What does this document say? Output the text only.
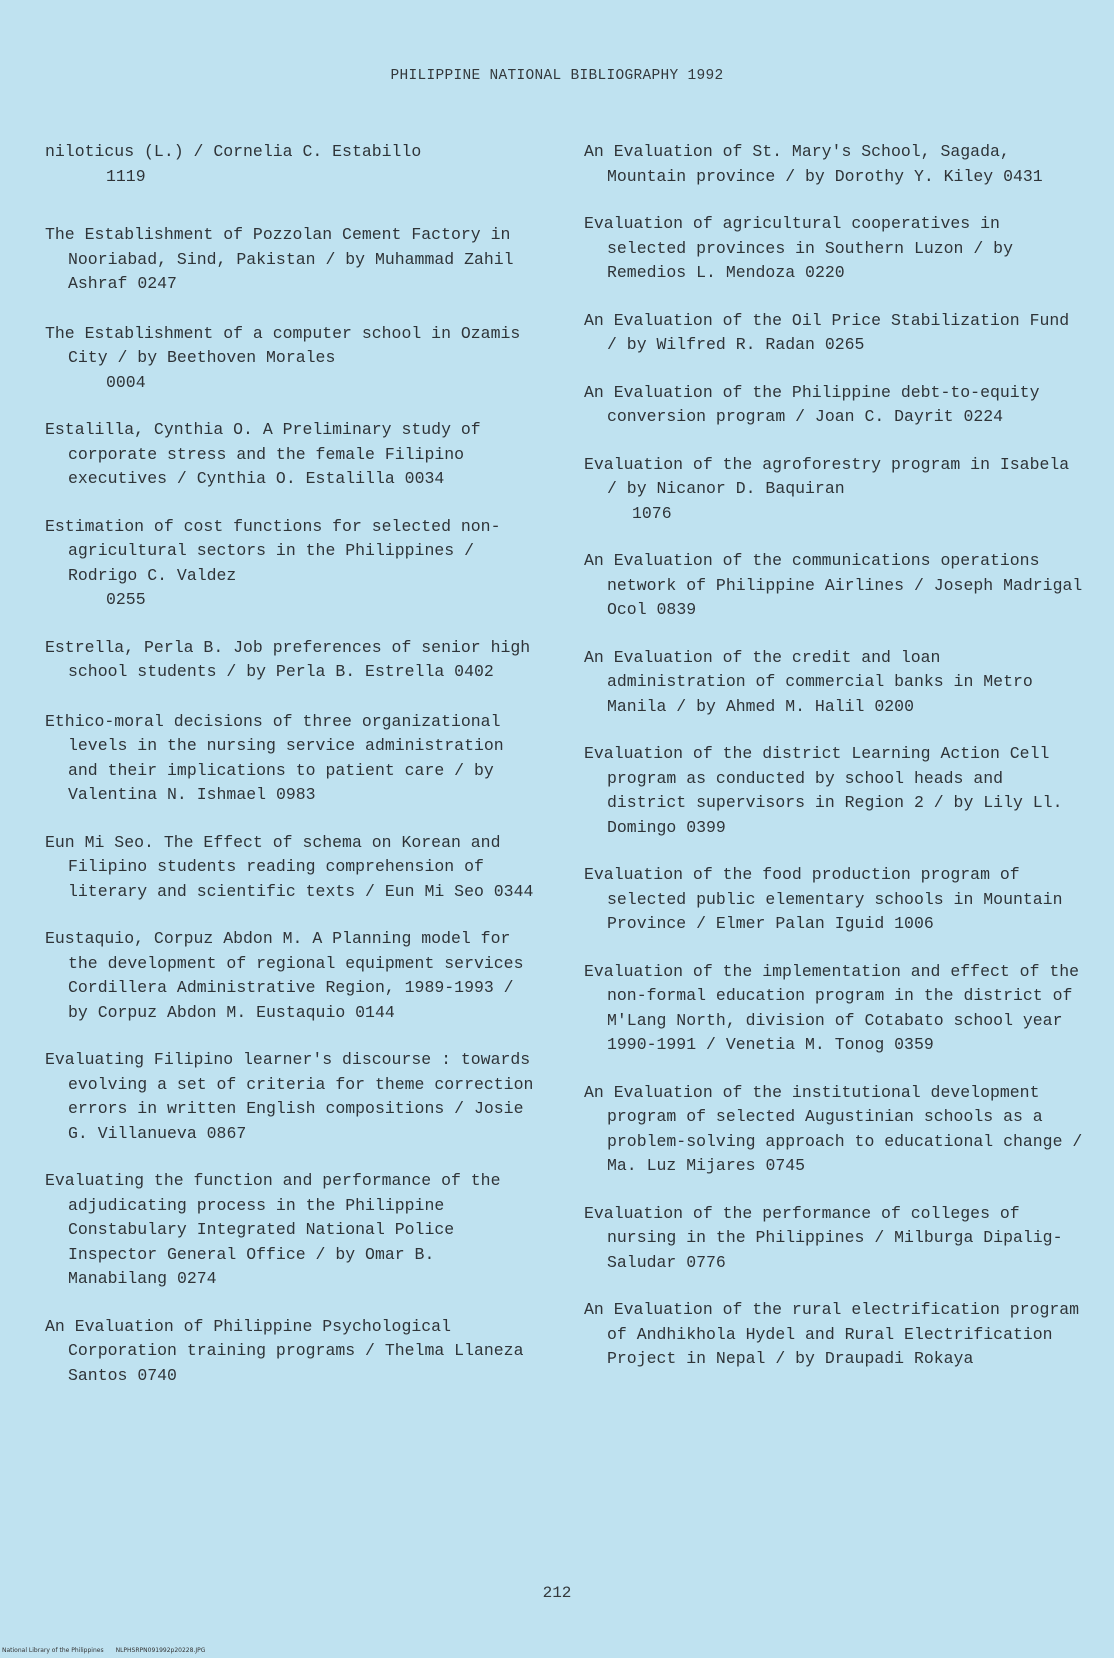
PHILIPPINE NATIONAL BIBLIOGRAPHY 1992
niloticus (L.) / Cornelia C. Estabillo
1119
The Establishment of Pozzolan Cement Factory in Nooriabad, Sind, Pakistan / by Muhammad Zahil Ashraf 0247
The Establishment of a computer school in Ozamis City / by Beethoven Morales
0004
Estalilla, Cynthia O. A Preliminary study of corporate stress and the female Filipino executives / Cynthia O. Estalilla 0034
Estimation of cost functions for selected non-agricultural sectors in the Philippines / Rodrigo C. Valdez
0255
Estrella, Perla B. Job preferences of senior high school students / by Perla B. Estrella 0402
Ethico-moral decisions of three organizational levels in the nursing service administration and their implications to patient care / by Valentina N. Ishmael 0983
Eun Mi Seo. The Effect of schema on Korean and Filipino students reading comprehension of literary and scientific texts / Eun Mi Seo 0344
Eustaquio, Corpuz Abdon M. A Planning model for the development of regional equipment services Cordillera Administrative Region, 1989-1993 / by Corpuz Abdon M. Eustaquio 0144
Evaluating Filipino learner's discourse : towards evolving a set of criteria for theme correction errors in written English compositions / Josie G. Villanueva 0867
Evaluating the function and performance of the adjudicating process in the Philippine Constabulary Integrated National Police Inspector General Office / by Omar B. Manabilang 0274
An Evaluation of Philippine Psychological Corporation training programs / Thelma Llaneza Santos 0740
An Evaluation of St. Mary's School, Sagada, Mountain province / by Dorothy Y. Kiley 0431
Evaluation of agricultural cooperatives in selected provinces in Southern Luzon / by Remedios L. Mendoza 0220
An Evaluation of the Oil Price Stabilization Fund / by Wilfred R. Radan 0265
An Evaluation of the Philippine debt-to-equity conversion program / Joan C. Dayrit 0224
Evaluation of the agroforestry program in Isabela / by Nicanor D. Baquiran
1076
An Evaluation of the communications operations network of Philippine Airlines / Joseph Madrigal Ocol 0839
An Evaluation of the credit and loan administration of commercial banks in Metro Manila / by Ahmed M. Halil 0200
Evaluation of the district Learning Action Cell program as conducted by school heads and district supervisors in Region 2 / by Lily Ll. Domingo 0399
Evaluation of the food production program of selected public elementary schools in Mountain Province / Elmer Palan Iguid 1006
Evaluation of the implementation and effect of the non-formal education program in the district of M'Lang North, division of Cotabato school year 1990-1991 / Venetia M. Tonog 0359
An Evaluation of the institutional development program of selected Augustinian schools as a problem-solving approach to educational change / Ma. Luz Mijares 0745
Evaluation of the performance of colleges of nursing in the Philippines / Milburga Dipalig-Saludar 0776
An Evaluation of the rural electrification program of Andhikhola Hydel and Rural Electrification Project in Nepal / by Draupadi Rokaya
212
National Library of the Philippines NLPHSRPN091992p20228.JPG
